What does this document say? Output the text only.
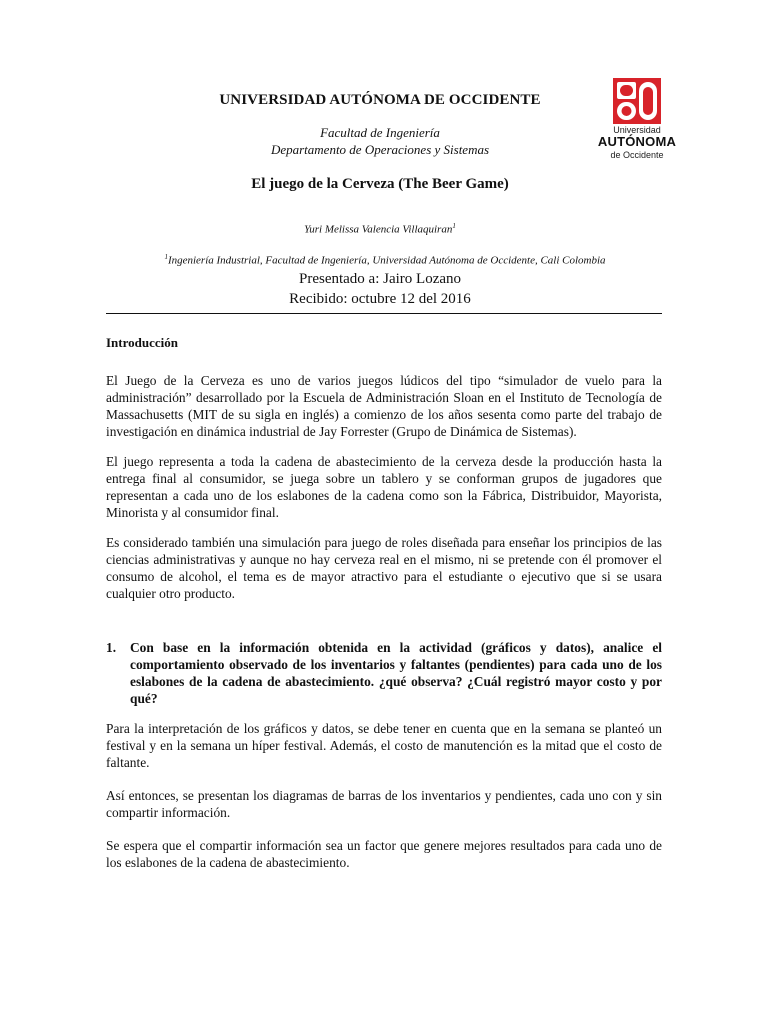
UNIVERSIDAD AUTÓNOMA DE OCCIDENTE
Facultad de Ingeniería
Departamento de Operaciones y Sistemas
Universidad
AUTÓNOMA
de Occidente
El juego de la Cerveza (The Beer Game)
Yuri Melissa Valencia Villaquiran$^1$
$^1$Ingeniería Industrial, Facultad de Ingeniería, Universidad Autónoma de Occidente, Cali Colombia
Presentado a: Jairo Lozano
Recibido: octubre 12 del 2016
Introducción
El Juego de la Cerveza es uno de varios juegos lúdicos del tipo “simulador de vuelo para la administración” desarrollado por la Escuela de Administración Sloan en el Instituto de Tecnología de Massachusetts (MIT de su sigla en inglés) a comienzo de los años sesenta como parte del trabajo de investigación en dinámica industrial de Jay Forrester (Grupo de Dinámica de Sistemas).
El juego representa a toda la cadena de abastecimiento de la cerveza desde la producción hasta la entrega final al consumidor, se juega sobre un tablero y se conforman grupos de jugadores que representan a cada uno de los eslabones de la cadena como son la Fábrica, Distribuidor, Mayorista, Minorista y al consumidor final.
Es considerado también una simulación para juego de roles diseñada para enseñar los principios de las ciencias administrativas y aunque no hay cerveza real en el mismo, ni se pretende con él promover el consumo de alcohol, el tema es de mayor atractivo para el estudiante o ejecutivo que si se usara cualquier otro producto.
1. Con base en la información obtenida en la actividad (gráficos y datos), analice el comportamiento observado de los inventarios y faltantes (pendientes) para cada uno de los eslabones de la cadena de abastecimiento. ¿qué observa? ¿Cuál registró mayor costo y por qué?
Para la interpretación de los gráficos y datos, se debe tener en cuenta que en la semana se planteó un festival y en la semana un híper festival. Además, el costo de manutención es la mitad que el costo de faltante.
Así entonces, se presentan los diagramas de barras de los inventarios y pendientes, cada uno con y sin compartir información.
Se espera que el compartir información sea un factor que genere mejores resultados para cada uno de los eslabones de la cadena de abastecimiento.
